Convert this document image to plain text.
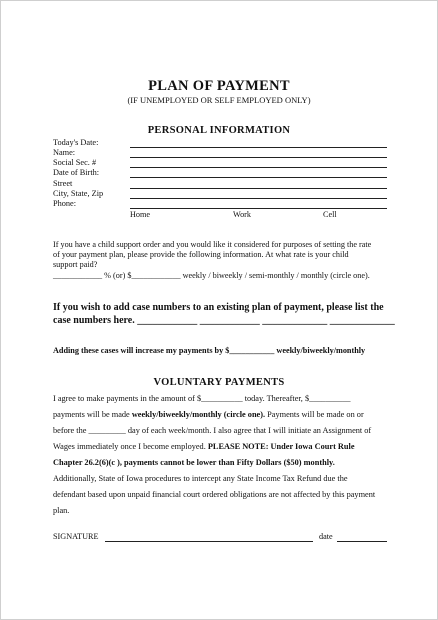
PLAN OF PAYMENT
(IF UNEMPLOYED OR SELF EMPLOYED ONLY)
PERSONAL INFORMATION
Today's Date:
Name:
Social Sec. #
Date of Birth:
Street
City, State, Zip
Phone:
Home	Work	Cell
If you have a child support order and you would like it considered for purposes of setting the rate
of your payment plan, please provide the following information. At what rate is your child
support paid?
____________ % (or) $____________ weekly / biweekly / semi-monthly / monthly (circle one).
If you wish to add case numbers to an existing plan of payment, please list the
case numbers here. ____________ ____________ _____________ _____________
Adding these cases will increase my payments by $___________ weekly/biweekly/monthly
VOLUNTARY PAYMENTS
I agree to make payments in the amount of $__________ today. Thereafter, $__________
payments will be made weekly/biweekly/monthly (circle one). Payments will be made on or
before the _________ day of each week/month. I also agree that I will initiate an Assignment of
Wages immediately once I become employed. PLEASE NOTE: Under Iowa Court Rule
Chapter 26.2(6)(c ), payments cannot be lower than Fifty Dollars ($50) monthly.
Additionally, State of Iowa procedures to intercept any State Income Tax Refund due the
defendant based upon unpaid financial court ordered obligations are not affected by this payment
plan.
SIGNATURE	date
